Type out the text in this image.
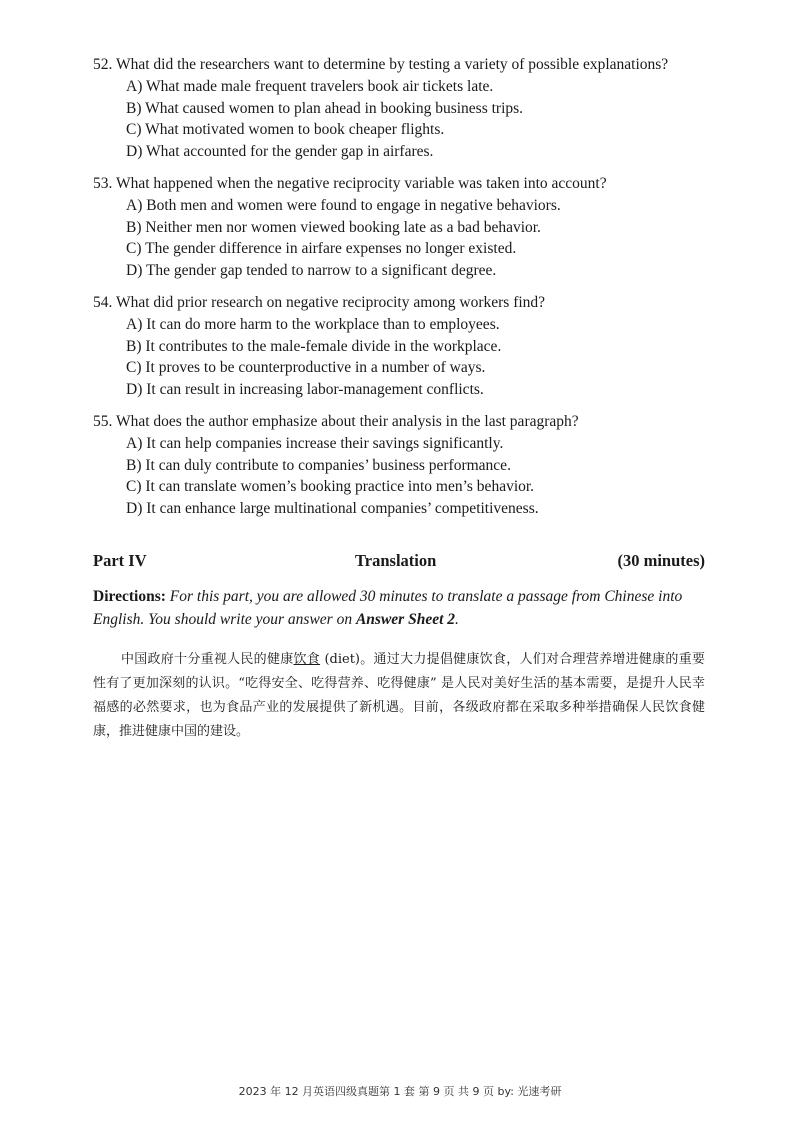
52. What did the researchers want to determine by testing a variety of possible explanations?
A) What made male frequent travelers book air tickets late.
B) What caused women to plan ahead in booking business trips.
C) What motivated women to book cheaper flights.
D) What accounted for the gender gap in airfares.
53. What happened when the negative reciprocity variable was taken into account?
A) Both men and women were found to engage in negative behaviors.
B) Neither men nor women viewed booking late as a bad behavior.
C) The gender difference in airfare expenses no longer existed.
D) The gender gap tended to narrow to a significant degree.
54. What did prior research on negative reciprocity among workers find?
A) It can do more harm to the workplace than to employees.
B) It contributes to the male-female divide in the workplace.
C) It proves to be counterproductive in a number of ways.
D) It can result in increasing labor-management conflicts.
55. What does the author emphasize about their analysis in the last paragraph?
A) It can help companies increase their savings significantly.
B) It can duly contribute to companies’ business performance.
C) It can translate women’s booking practice into men’s behavior.
D) It can enhance large multinational companies’ competitiveness.
Part IV	Translation	(30 minutes)
Directions: For this part, you are allowed 30 minutes to translate a passage from Chinese into English. You should write your answer on Answer Sheet 2.
中国政府十分重视人民的健康饮食 (diet)。通过大力提倡健康饮食，人们对合理营养增进健康的重要性有了更加深刻的认识。“吃得安全、吃得营养、吃得健康” 是人民对美好生活的基本需要，是提升人民幸福感的必然要求，也为食品产业的发展提供了新机遇。目前，各级政府都在采取多种举措确保人民饮食健康，推进健康中国的建设。
2023 年 12 月英语四级真题第 1 套 第 9 页 共 9 页 by: 光速考研
